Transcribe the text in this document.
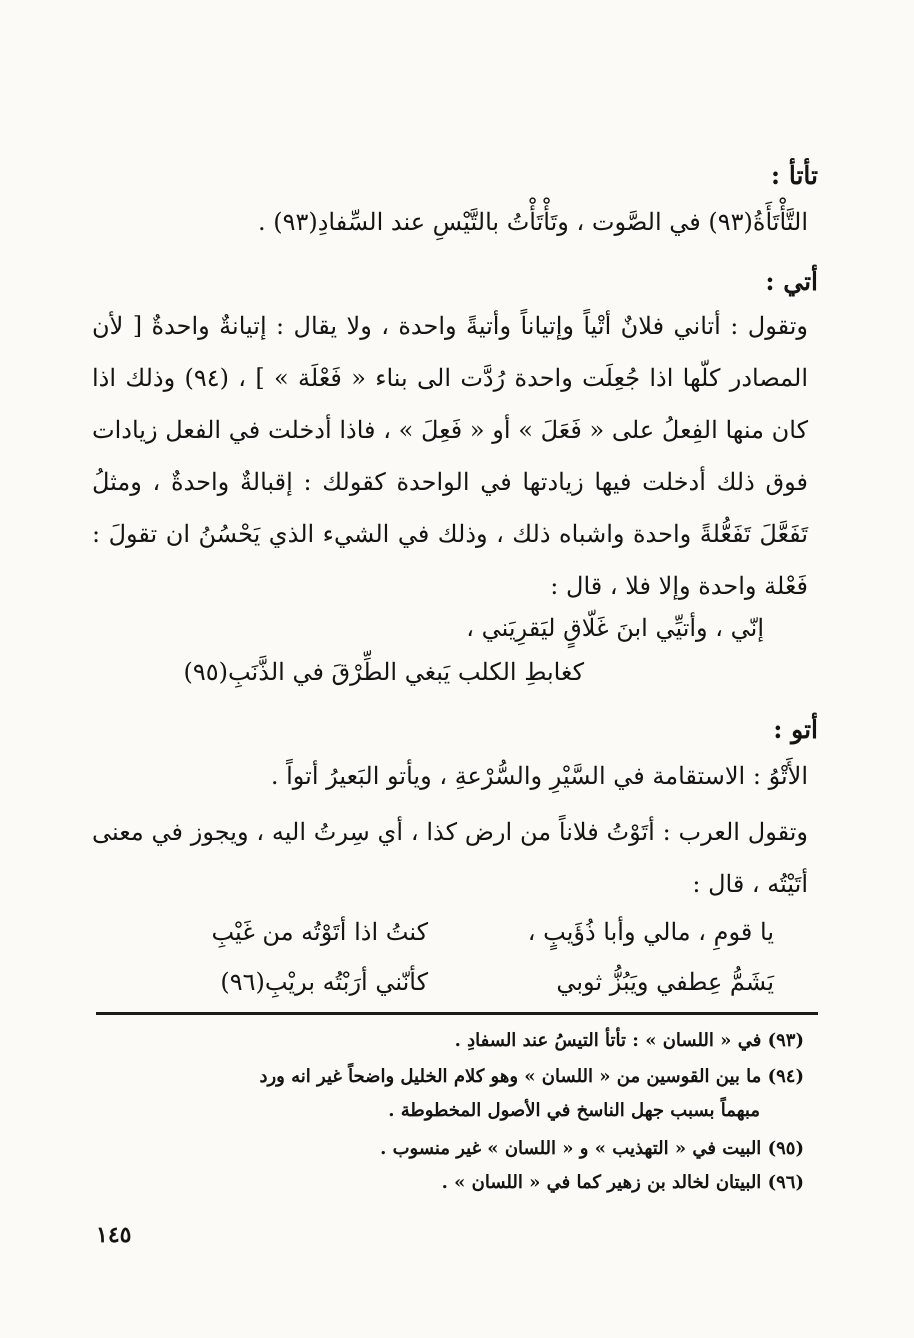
تأتأ :
التَّأْتَأَةُ(٩٣) في الصَّوت ، وتَأْتَأْتُ بالتَّيْسِ عند السِّفادِ(٩٣) .
أتي :
وتقول : أتاني فلانٌ أتْياً وإتياناً وأتيةً واحدة ، ولا يقال : إتيانةٌ واحدةٌ [ لأن المصادر كلّها اذا جُعِلَت واحدة رُدَّت الى بناء « فَعْلَة » ] ، (٩٤) وذلك اذا كان منها الفِعلُ على « فَعَلَ » أو « فَعِلَ » ، فاذا أدخلت في الفعل زيادات فوق ذلك أدخلت فيها زيادتها في الواحدة كقولك : إقبالةٌ واحدةٌ ، ومثلُ تَفَعَّلَ تَفَعُّلةً واحدة واشباه ذلك ، وذلك في الشيء الذي يَحْسُنُ ان تقولَ : فَعْلة واحدة وإلا فلا ، قال :
إنّي ، وأتيِّي ابنَ غَلّاقٍ ليَقرِيَني ،
كغابطِ الكلب يَبغي الطِّرْقَ في الذَّنَبِ(٩٥)
أتو :
الأَتْوُ : الاستقامة في السَّيْرِ والسُّرْعةِ ، ويأتو البَعيرُ أتواً .
وتقول العرب : أتَوْتُ فلاناً من ارض كذا ، أي سِرتُ اليه ، ويجوز في معنى أتَيْتُه ، قال :
يا قومِ ، مالي وأبا ذُؤَيبٍ ،
كنتُ اذا أتَوْتُه من غَيْبِ
يَشَمُّ عِطفي ويَبُزُّ ثوبي
كأنّني أرَبْتُه بريْبِ(٩٦)
(٩٣) في « اللسان » : تأتأ التيسُ عند السفادِ .
(٩٤) ما بين القوسين من « اللسان » وهو كلام الخليل واضحاً غير انه ورد
مبهماً بسبب جهل الناسخ في الأصول المخطوطة .
(٩٥) البيت في « التهذيب » و « اللسان » غير منسوب .
(٩٦) البيتان لخالد بن زهير كما في « اللسان » .
١٤٥
